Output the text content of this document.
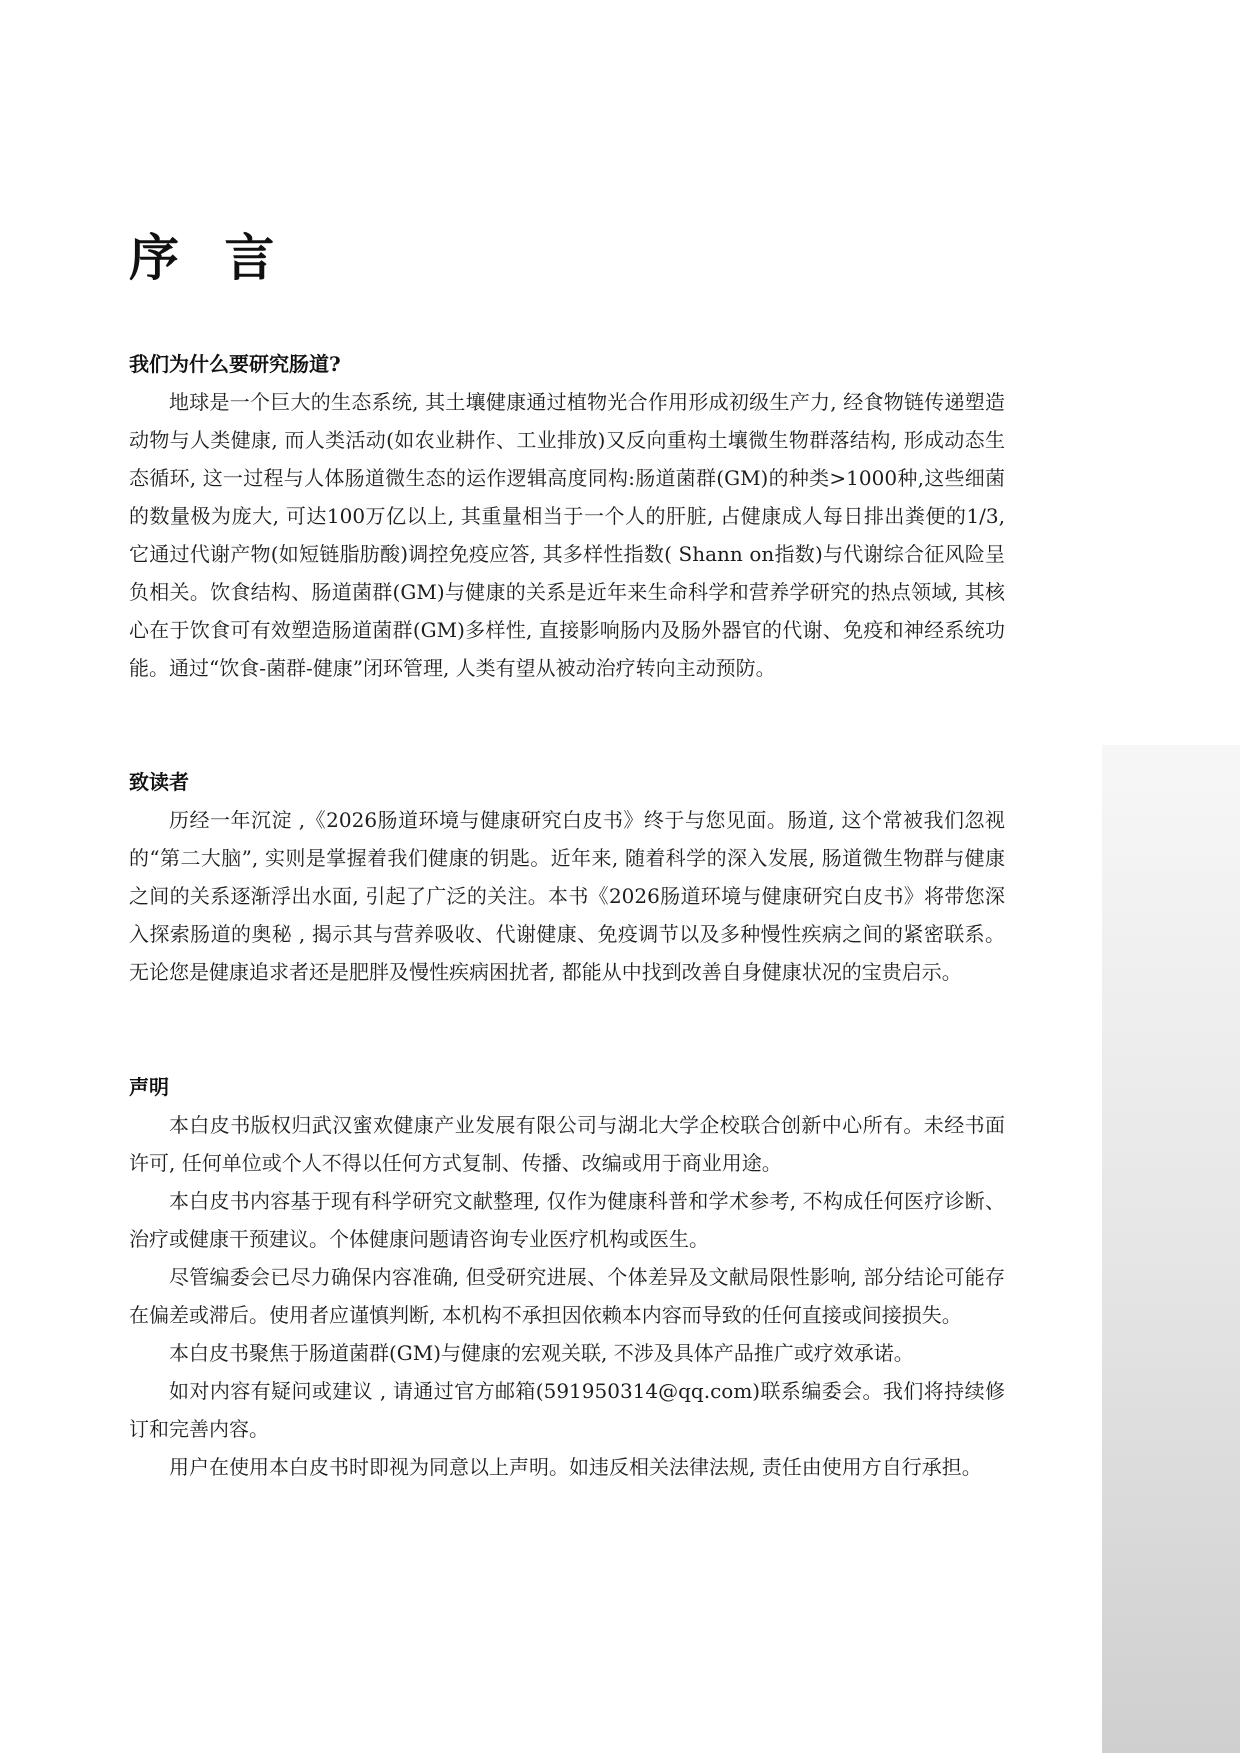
序 言
我们为什么要研究肠道?

地球是一个巨大的生态系统, 其土壤健康通过植物光合作用形成初级生产力, 经食物链传递塑造动物与人类健康, 而人类活动(如农业耕作、工业排放)又反向重构土壤微生物群落结构, 形成动态生态循环, 这一过程与人体肠道微生态的运作逻辑高度同构:肠道菌群(GM)的种类>1000种,这些细菌的数量极为庞大, 可达100万亿以上, 其重量相当于一个人的肝脏, 占健康成人每日排出粪便的1/3, 它通过代谢产物(如短链脂肪酸)调控免疫应答, 其多样性指数( Shann on指数)与代谢综合征风险呈负相关。饮食结构、肠道菌群(GM)与健康的关系是近年来生命科学和营养学研究的热点领域, 其核心在于饮食可有效塑造肠道菌群(GM)多样性, 直接影响肠内及肠外器官的代谢、免疫和神经系统功能。通过“饮食-菌群-健康”闭环管理, 人类有望从被动治疗转向主动预防。

致读者

历经一年沉淀 ,《2026肠道环境与健康研究白皮书》终于与您见面。肠道, 这个常被我们忽视的“第二大脑”, 实则是掌握着我们健康的钥匙。近年来, 随着科学的深入发展, 肠道微生物群与健康之间的关系逐渐浮出水面, 引起了广泛的关注。本书《2026肠道环境与健康研究白皮书》将带您深入探索肠道的奥秘 , 揭示其与营养吸收、代谢健康、免疫调节以及多种慢性疾病之间的紧密联系。无论您是健康追求者还是肥胖及慢性疾病困扰者, 都能从中找到改善自身健康状况的宝贵启示。

声明

本白皮书版权归武汉蜜欢健康产业发展有限公司与湖北大学企校联合创新中心所有。未经书面许可, 任何单位或个人不得以任何方式复制、传播、改编或用于商业用途。

本白皮书内容基于现有科学研究文献整理, 仅作为健康科普和学术参考, 不构成任何医疗诊断、治疗或健康干预建议。个体健康问题请咨询专业医疗机构或医生。

尽管编委会已尽力确保内容准确, 但受研究进展、个体差异及文献局限性影响, 部分结论可能存在偏差或滞后。使用者应谨慎判断, 本机构不承担因依赖本内容而导致的任何直接或间接损失。

本白皮书聚焦于肠道菌群(GM)与健康的宏观关联, 不涉及具体产品推广或疗效承诺。

如对内容有疑问或建议 , 请通过官方邮箱(591950314@qq.com)联系编委会。我们将持续修订和完善内容。

用户在使用本白皮书时即视为同意以上声明。如违反相关法律法规, 责任由使用方自行承担。
